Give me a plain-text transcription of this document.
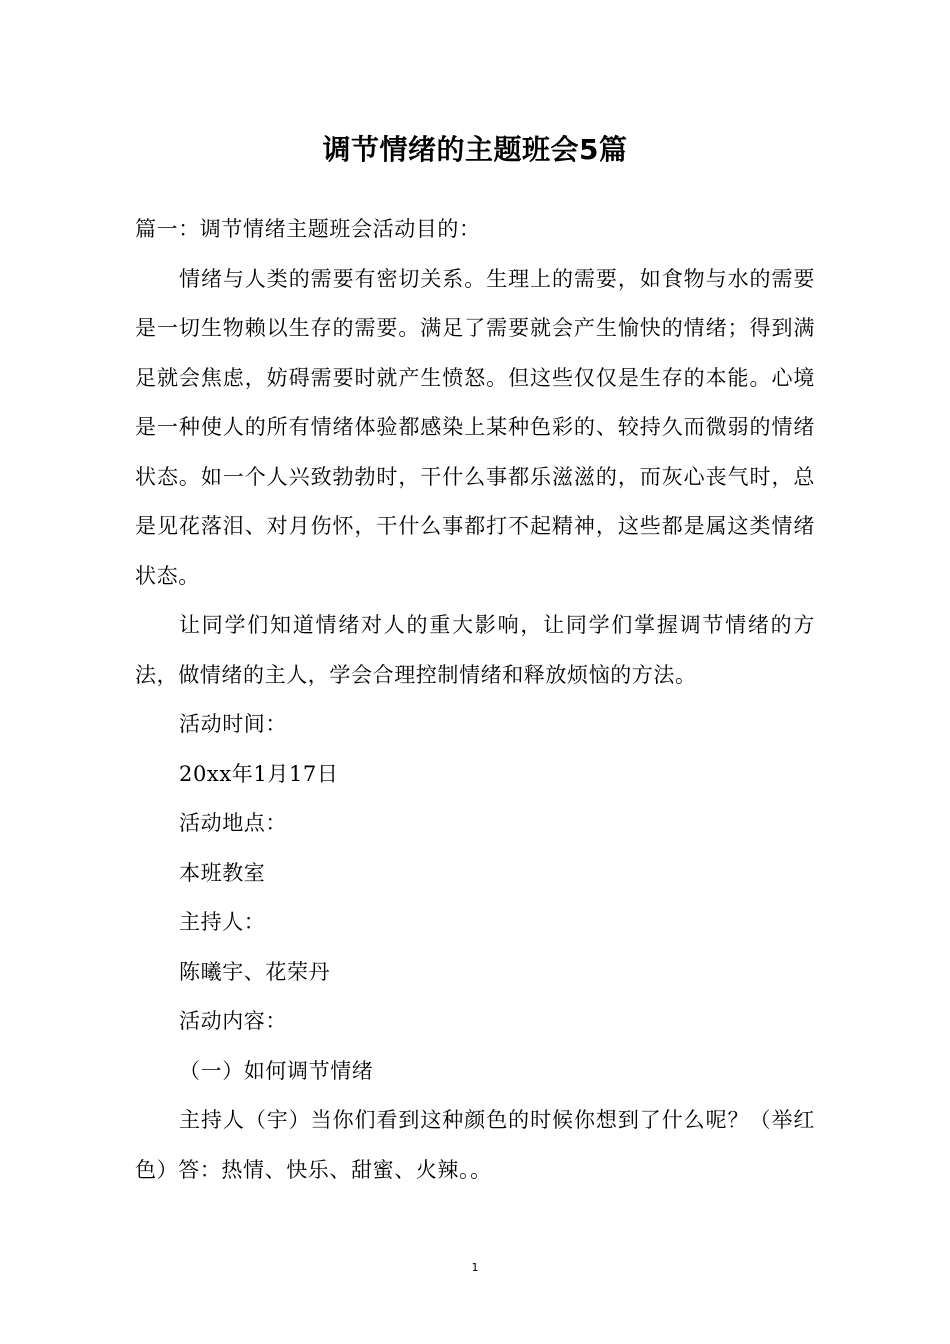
调节情绪的主题班会5篇

篇一：调节情绪主题班会活动目的：

情绪与人类的需要有密切关系。生理上的需要，如食物与水的需要是一切生物赖以生存的需要。满足了需要就会产生愉快的情绪；得到满足就会焦虑，妨碍需要时就产生愤怒。但这些仅仅是生存的本能。心境是一种使人的所有情绪体验都感染上某种色彩的、较持久而微弱的情绪状态。如一个人兴致勃勃时，干什么事都乐滋滋的，而灰心丧气时，总是见花落泪、对月伤怀，干什么事都打不起精神，这些都是属这类情绪状态。

让同学们知道情绪对人的重大影响，让同学们掌握调节情绪的方法，做情绪的主人，学会合理控制情绪和释放烦恼的方法。

活动时间：

20xx年1月17日

活动地点：

本班教室

主持人：

陈曦宇、花荣丹

活动内容：

（一）如何调节情绪

主持人（宇）当你们看到这种颜色的时候你想到了什么呢？（举红色）答：热情、快乐、甜蜜、火辣。。

1
